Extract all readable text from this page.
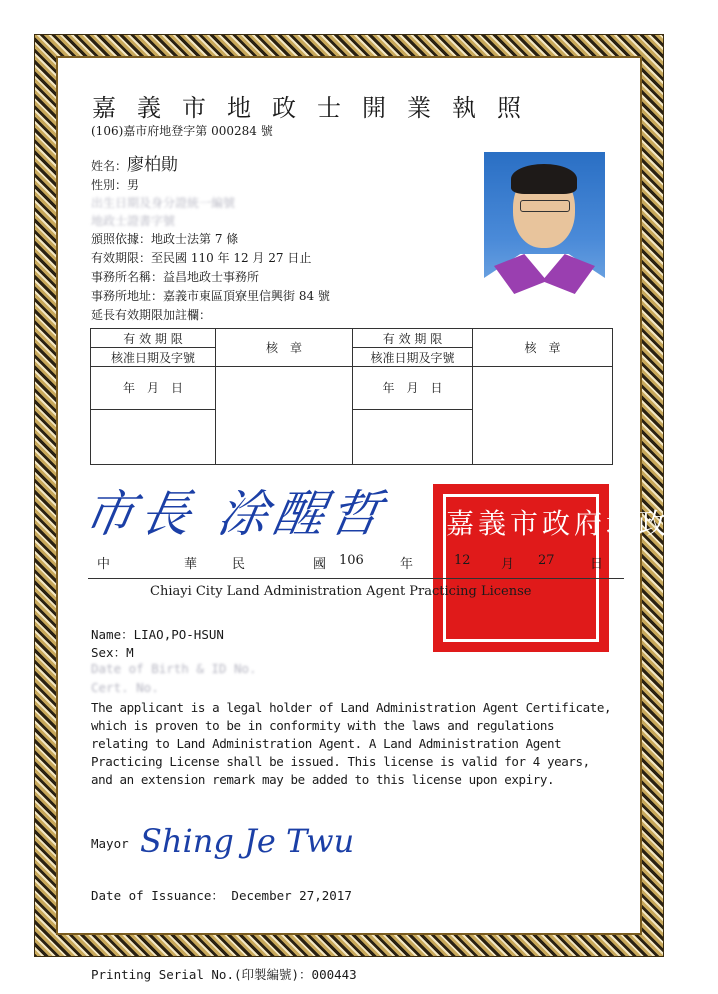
嘉義市地政士開業執照
(106)嘉市府地登字第 000284 號
姓名：廖柏勛
性別：男
出生日期及身分證統一編號
地政士證書字號
頒照依據：地政士法第 7 條
有效期限：至民國 110 年 12 月 27 日止
事務所名稱：益昌地政士事務所
事務所地址：嘉義市東區頂寮里信興街 84 號
延長有效期限加註欄：
有 效 期 限	核　章	有 效 期 限	核　章
核准日期及字號		核准日期及字號	
年　月　日		年　月　日	

市長 涂醒哲 嘉義市政府地政處
中	華	民	國 106	年	12 月 27	日
Chiayi City Land Administration Agent Practicing License
Name：LIAO,PO-HSUN
Sex：M
Date of Birth & ID No.
Cert. No.
The applicant is a legal holder of Land Administration Agent Certificate, which is proven to be in conformity with the laws and regulations relating to Land Administration Agent. A Land Administration Agent Practicing License shall be issued. This license is valid for 4 years, and an extension remark may be added to this license upon expiry.
Mayor Shing Je Twu
Date of Issuance： December 27,2017
Printing Serial No.(印製編號)：000443
